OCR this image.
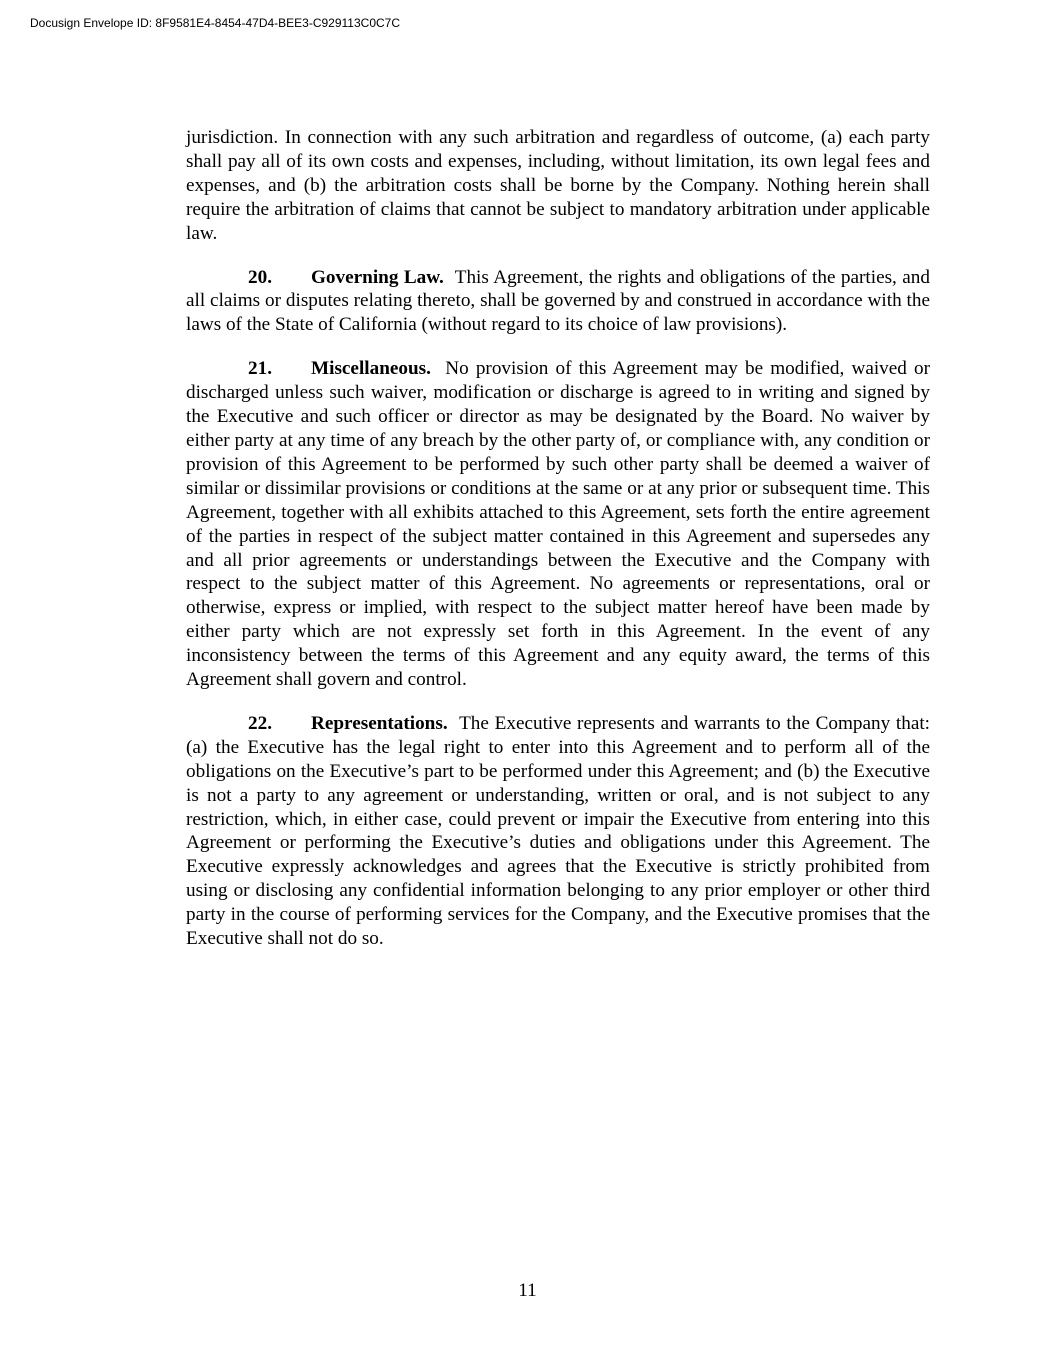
Docusign Envelope ID: 8F9581E4-8454-47D4-BEE3-C929113C0C7C

jurisdiction. In connection with any such arbitration and regardless of outcome, (a) each party shall pay all of its own costs and expenses, including, without limitation, its own legal fees and expenses, and (b) the arbitration costs shall be borne by the Company. Nothing herein shall require the arbitration of claims that cannot be subject to mandatory arbitration under applicable law.

20. Governing Law. This Agreement, the rights and obligations of the parties, and all claims or disputes relating thereto, shall be governed by and construed in accordance with the laws of the State of California (without regard to its choice of law provisions).

21. Miscellaneous. No provision of this Agreement may be modified, waived or discharged unless such waiver, modification or discharge is agreed to in writing and signed by the Executive and such officer or director as may be designated by the Board. No waiver by either party at any time of any breach by the other party of, or compliance with, any condition or provision of this Agreement to be performed by such other party shall be deemed a waiver of similar or dissimilar provisions or conditions at the same or at any prior or subsequent time. This Agreement, together with all exhibits attached to this Agreement, sets forth the entire agreement of the parties in respect of the subject matter contained in this Agreement and supersedes any and all prior agreements or understandings between the Executive and the Company with respect to the subject matter of this Agreement. No agreements or representations, oral or otherwise, express or implied, with respect to the subject matter hereof have been made by either party which are not expressly set forth in this Agreement. In the event of any inconsistency between the terms of this Agreement and any equity award, the terms of this Agreement shall govern and control.

22. Representations. The Executive represents and warrants to the Company that: (a) the Executive has the legal right to enter into this Agreement and to perform all of the obligations on the Executive’s part to be performed under this Agreement; and (b) the Executive is not a party to any agreement or understanding, written or oral, and is not subject to any restriction, which, in either case, could prevent or impair the Executive from entering into this Agreement or performing the Executive’s duties and obligations under this Agreement. The Executive expressly acknowledges and agrees that the Executive is strictly prohibited from using or disclosing any confidential information belonging to any prior employer or other third party in the course of performing services for the Company, and the Executive promises that the Executive shall not do so.

11
